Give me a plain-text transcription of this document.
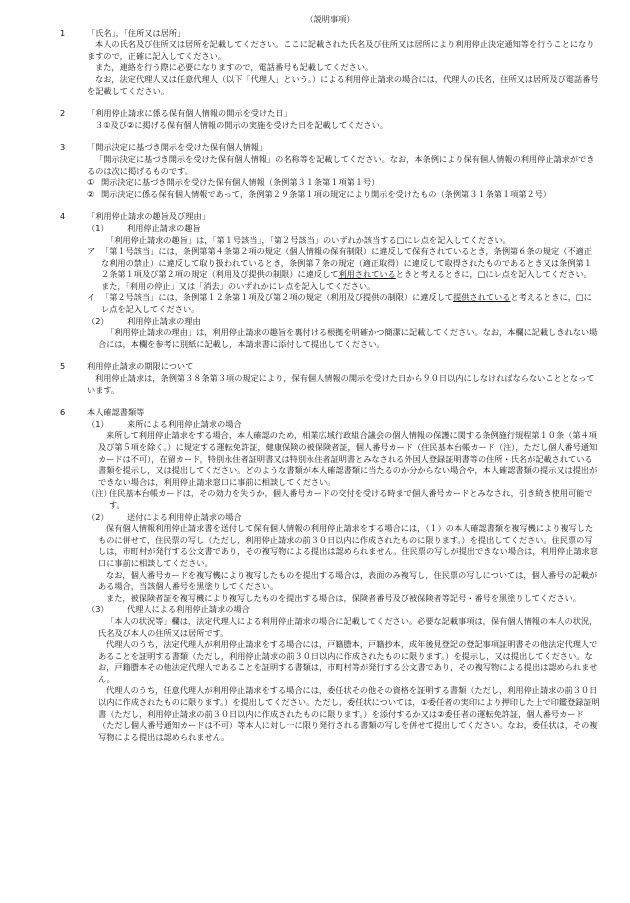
（説明事項）
1	「氏名」，「住所又は居所」

本人の氏名及び住所又は居所を記載してください。ここに記載された氏名及び住所又は居所により利用停止決定通知等を行うことになりますので，正確に記入してください。

また，連絡を行う際に必要になりますので，電話番号も記載してください。

なお，法定代理人又は任意代理人（以下「代理人」という。）による利用停止請求の場合には，代理人の氏名，住所又は居所及び電話番号を記載してください。

2	「利用停止請求に係る保有個人情報の開示を受けた日」

３①及び②に掲げる保有個人情報の開示の実施を受けた日を記載してください。

3	「開示決定に基づき開示を受けた保有個人情報」

「開示決定に基づき開示を受けた保有個人情報」の名称等を記載してください。なお，本条例により保有個人情報の利用停止請求ができるのは次に掲げるものです。

① 開示決定に基づき開示を受けた保有個人情報（条例第３１条第１項第１号）
② 開示決定に係る保有個人情報であって，条例第２９条第１項の規定により開示を受けたもの（条例第３１条第１項第２号）
4	「利用停止請求の趣旨及び理由」
（1）	利用停止請求の趣旨

「利用停止請求の趣旨」は，「第１号該当」，「第２号該当」のいずれか該当する□にレ点を記入してください。

ア 「第１号該当」には，条例第第４条第２項の規定（個人情報の保有制限）に違反して保有されているとき，条例第６条の規定（不適正な利用の禁止）に違反して取り扱われているとき，条例第７条の規定（適正取得）に違反して取得されたものであるとき又は条例第１２条第１項及び第２項の規定（利用及び提供の制限）に違反して利用されているときと考えるときに，□にレ点を記入してください。また，「利用の停止」又は「消去」のいずれかにレ点を記入してください。
イ 「第２号該当」には，条例第１２条第１項及び第２項の規定（利用及び提供の制限）に違反して提供されていると考えるときに，□にレ点を記入してください。
（2）	利用停止請求の理由

「利用停止請求の理由」は，利用停止請求の趣旨を裏付ける根拠を明確かつ簡潔に記載してください。なお，本欄に記載しきれない場合には，本欄を参考に別紙に記載し，本請求書に添付して提出してください。

5	利用停止請求の期限について

利用停止請求は，条例第３８条第３項の規定により，保有個人情報の開示を受けた日から９０日以内にしなければならないこととなっています。

6	本人確認書類等
（1）	来所による利用停止請求の場合

来所して利用停止請求をする場合，本人確認のため，相業広域行政組合議会の個人情報の保護に関する条例施行規程第１０条（第４項及び第５項を除く。）に規定する運転免許証，健康保険の被保険者証，個人番号カード（住民基本台帳カード（注），ただし個人番号通知カードは不可），在留カード，特別永住者証明書又は特別永住者証明書とみなされる外国人登録証明書等の住所・氏名が記載されている書類を提示し，又は提出してください。どのような書類が本人確認書類に当たるのか分からない場合や，本人確認書類の提示又は提出ができない場合は，利用停止請求窓口に事前に相談してください。

（注）
住民基本台帳カードは，その効力を失うか，個人番号カードの交付を受ける時まで個人番号カードとみなされ，引き続き使用可能です。
（2）	送付による利用停止請求の場合

保有個人情報利用停止請求書を送付して保有個人情報の利用停止請求をする場合には，（１）の本人確認書類を複写機により複写したものに併せて，住民票の写し（ただし，利用停止請求の前３０日以内に作成されたものに限ります。）を提出してください。住民票の写しは，市町村が発行する公文書であり，その複写物による提出は認められません。住民票の写しが提出できない場合は，利用停止請求窓口に事前に相談してください。

なお，個人番号カードを複写機により複写したものを提出する場合は，表面のみ複写し，住民票の写しについては，個人番号の記載がある場合，当該個人番号を黒塗りしてください。

また，被保険者証を複写機により複写したものを提出する場合は，保険者番号及び被保険者等記号・番号を黒塗りしてください。

（3）	代理人による利用停止請求の場合

「本人の状況等」欄は，法定代理人による利用停止請求の場合に記載してください。必要な記載事項は，保有個人情報の本人の状況，氏名及び本人の住所又は居所です。

代理人のうち，法定代理人が利用停止請求をする場合には，戸籍謄本，戸籍抄本，成年後見登記の登記事項証明書その他法定代理人であることを証明する書類（ただし，利用停止請求の前３０日以内に作成されたものに限ります。）を提示し，又は提出してください。なお，戸籍謄本その他法定代理人であることを証明する書類は，市町村等が発行する公文書であり，その複写物による提出は認められません。

代理人のうち，任意代理人が利用停止請求をする場合には，委任状その他その資格を証明する書類（ただし，利用停止請求の前３０日以内に作成されたものに限ります。）を提出してください。ただし，委任状については，①委任者の実印により押印した上で印鑑登録証明書（ただし，利用停止請求の前３０日以内に作成されたものに限ります。）を添付するか又は②委任者の運転免許証，個人番号カード（ただし個人番号通知カードは不可）等本人に対し一に限り発行される書類の写しを併せて提出してください。なお，委任状は，その複写物による提出は認められません。
